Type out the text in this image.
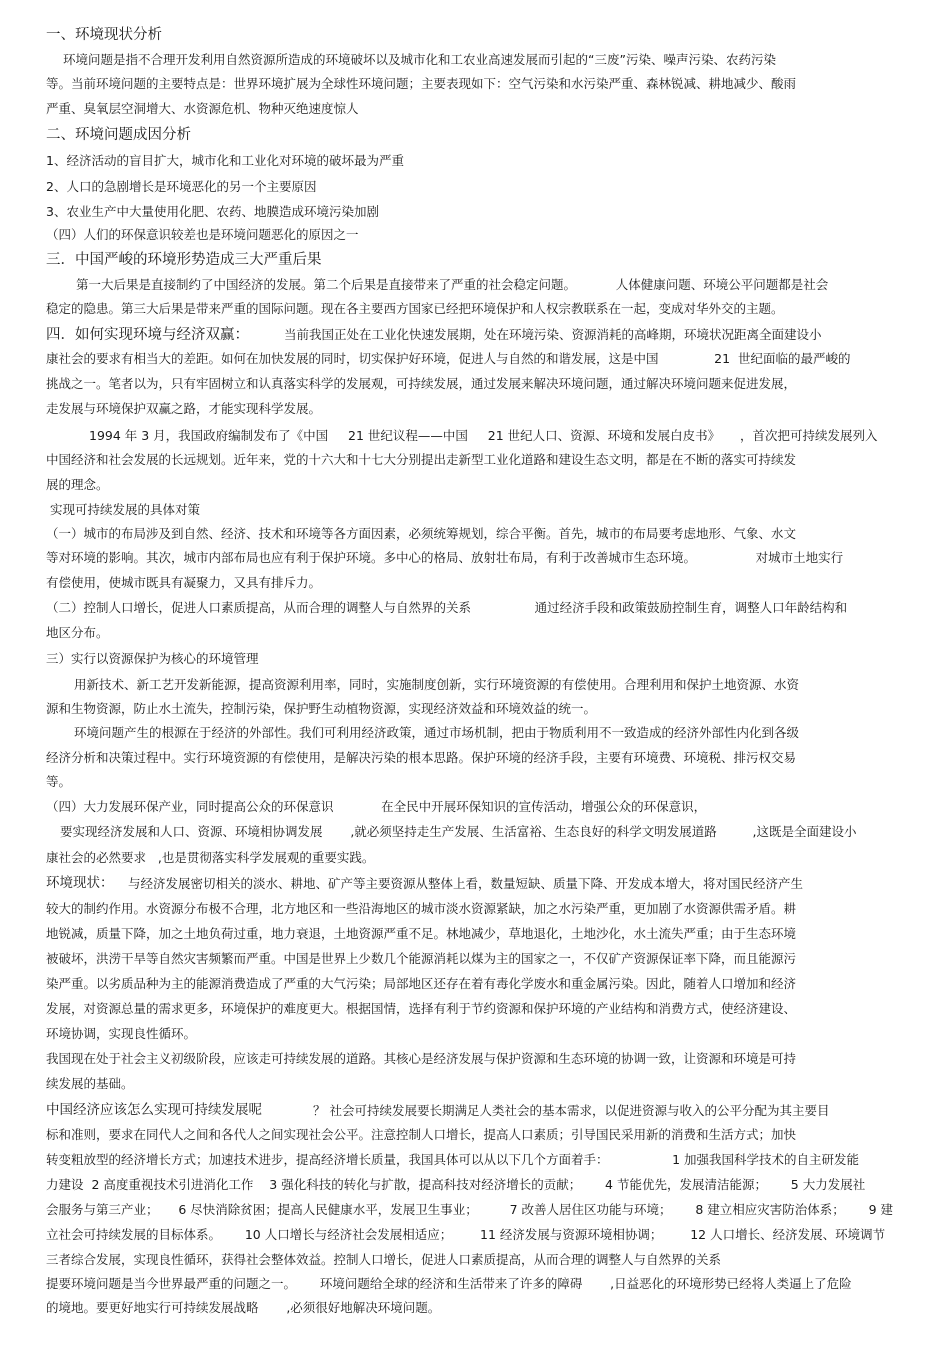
一、环境现状分析
环境问题是指不合理开发利用自然资源所造成的环境破坏以及城市化和工农业高速发展而引起的“三废”污染、噪声污染、农药污染
等。当前环境问题的主要特点是：世界环境扩展为全球性环境问题；主要表现如下：空气污染和水污染严重、森林锐减、耕地减少、酸雨
严重、臭氧层空洞增大、水资源危机、物种灭绝速度惊人
二、环境问题成因分析
1、经济活动的盲目扩大，城市化和工业化对环境的破坏最为严重
2、人口的急剧增长是环境恶化的另一个主要原因
3、农业生产中大量使用化肥、农药、地膜造成环境污染加剧
（四）人们的环保意识较差也是环境问题恶化的原因之一
三．中国严峻的环境形势造成三大严重后果
第一大后果是直接制约了中国经济的发展。第二个后果是直接带来了严重的社会稳定问题。          人体健康问题、环境公平问题都是社会
稳定的隐患。第三大后果是带来严重的国际问题。现在各主要西方国家已经把环境保护和人权宗教联系在一起，变成对华外交的主题。
四．如何实现环境与经济双赢：	当前我国正处在工业化快速发展期，处在环境污染、资源消耗的高峰期，环境状况距离全面建设小
康社会的要求有相当大的差距。如何在加快发展的同时，切实保护好环境，促进人与自然的和谐发展，这是中国              21  世纪面临的最严峻的
挑战之一。笔者以为，只有牢固树立和认真落实科学的发展观，可持续发展，通过发展来解决环境问题，通过解决环境问题来促进发展，
走发展与环境保护双赢之路，才能实现科学发展。
1994 年 3 月，我国政府编制发布了《中国     21 世纪议程——中国     21 世纪人口、资源、环境和发展白皮书》     ，首次把可持续发展列入
中国经济和社会发展的长远规划。近年来，党的十六大和十七大分别提出走新型工业化道路和建设生态文明，都是在不断的落实可持续发
展的理念。
实现可持续发展的具体对策
（一）城市的布局涉及到自然、经济、技术和环境等各方面因素，必须统筹规划，综合平衡。首先，城市的布局要考虑地形、气象、水文
等对环境的影响。其次，城市内部布局也应有利于保护环境。多中心的格局、放射壮布局，有利于改善城市生态环境。               对城市土地实行
有偿使用，使城市既具有凝聚力，又具有排斥力。
（二）控制人口增长，促进人口素质提高，从而合理的调整人与自然界的关系                通过经济手段和政策鼓励控制生育，调整人口年龄结构和
地区分布。
三）实行以资源保护为核心的环境管理
用新技术、新工艺开发新能源，提高资源利用率，同时，实施制度创新，实行环境资源的有偿使用。合理利用和保护土地资源、水资
源和生物资源，防止水土流失，控制污染，保护野生动植物资源，实现经济效益和环境效益的统一。
环境问题产生的根源在于经济的外部性。我们可利用经济政策，通过市场机制，把由于物质利用不一致造成的经济外部性内化到各级
经济分析和决策过程中。实行环境资源的有偿使用，是解决污染的根本思路。保护环境的经济手段，主要有环境费、环境税、排污权交易
等。
（四）大力发展环保产业，同时提高公众的环保意识            在全民中开展环保知识的宣传活动，增强公众的环保意识，
要实现经济发展和人口、资源、环境相协调发展       ,就必须坚持走生产发展、生活富裕、生态良好的科学文明发展道路         ,这既是全面建设小
康社会的必然要求   ,也是贯彻落实科学发展观的重要实践。
环境现状： 与经济发展密切相关的淡水、耕地、矿产等主要资源从整体上看，数量短缺、质量下降、开发成本增大，将对国民经济产生
较大的制约作用。水资源分布极不合理，北方地区和一些沿海地区的城市淡水资源紧缺，加之水污染严重，更加剧了水资源供需矛盾。耕
地锐减，质量下降，加之土地负荷过重，地力衰退，土地资源严重不足。林地减少，草地退化，土地沙化，水土流失严重；由于生态环境
被破坏，洪涝干旱等自然灾害频繁而严重。中国是世界上少数几个能源消耗以煤为主的国家之一，不仅矿产资源保证率下降，而且能源污
染严重。以劣质品种为主的能源消费造成了严重的大气污染；局部地区还存在着有毒化学废水和重金属污染。因此，随着人口增加和经济
发展，对资源总量的需求更多，环境保护的难度更大。根据国情，选择有利于节约资源和保护环境的产业结构和消费方式，使经济建设、
环境协调，实现良性循环。
我国现在处于社会主义初级阶段，应该走可持续发展的道路。其核心是经济发展与保护资源和生态环境的协调一致，让资源和环境是可持
续发展的基础。
中国经济应该怎么实现可持续发展呢	？ 社会可持续发展要长期满足人类社会的基本需求，以促进资源与收入的公平分配为其主要目
标和准则，要求在同代人之间和各代人之间实现社会公平。注意控制人口增长，提高人口素质；引导国民采用新的消费和生活方式；加快
转变粗放型的经济增长方式；加速技术进步，提高经济增长质量，我国具体可以从以下几个方面着手：                1 加强我国科学技术的自主研发能
力建设  2 高度重视技术引进消化工作    3 强化科技的转化与扩散，提高科技对经济增长的贡献；      4 节能优先，发展清洁能源；      5 大力发展社
会服务与第三产业；     6 尽快消除贫困；提高人民健康水平，发展卫生事业；        7 改善人居住区功能与环境；      8 建立相应灾害防治体系；      9 建
立社会可持续发展的目标体系。      10 人口增长与经济社会发展相适应；       11 经济发展与资源环境相协调；       12 人口增长、经济发展、环境调节
三者综合发展，实现良性循环，获得社会整体效益。控制人口增长，促进人口素质提高，从而合理的调整人与自然界的关系
提要环境问题是当今世界最严重的问题之一。      环境问题给全球的经济和生活带来了许多的障碍       ,日益恶化的环境形势已经将人类逼上了危险
的境地。要更好地实行可持续发展战略       ,必须很好地解决环境问题。
